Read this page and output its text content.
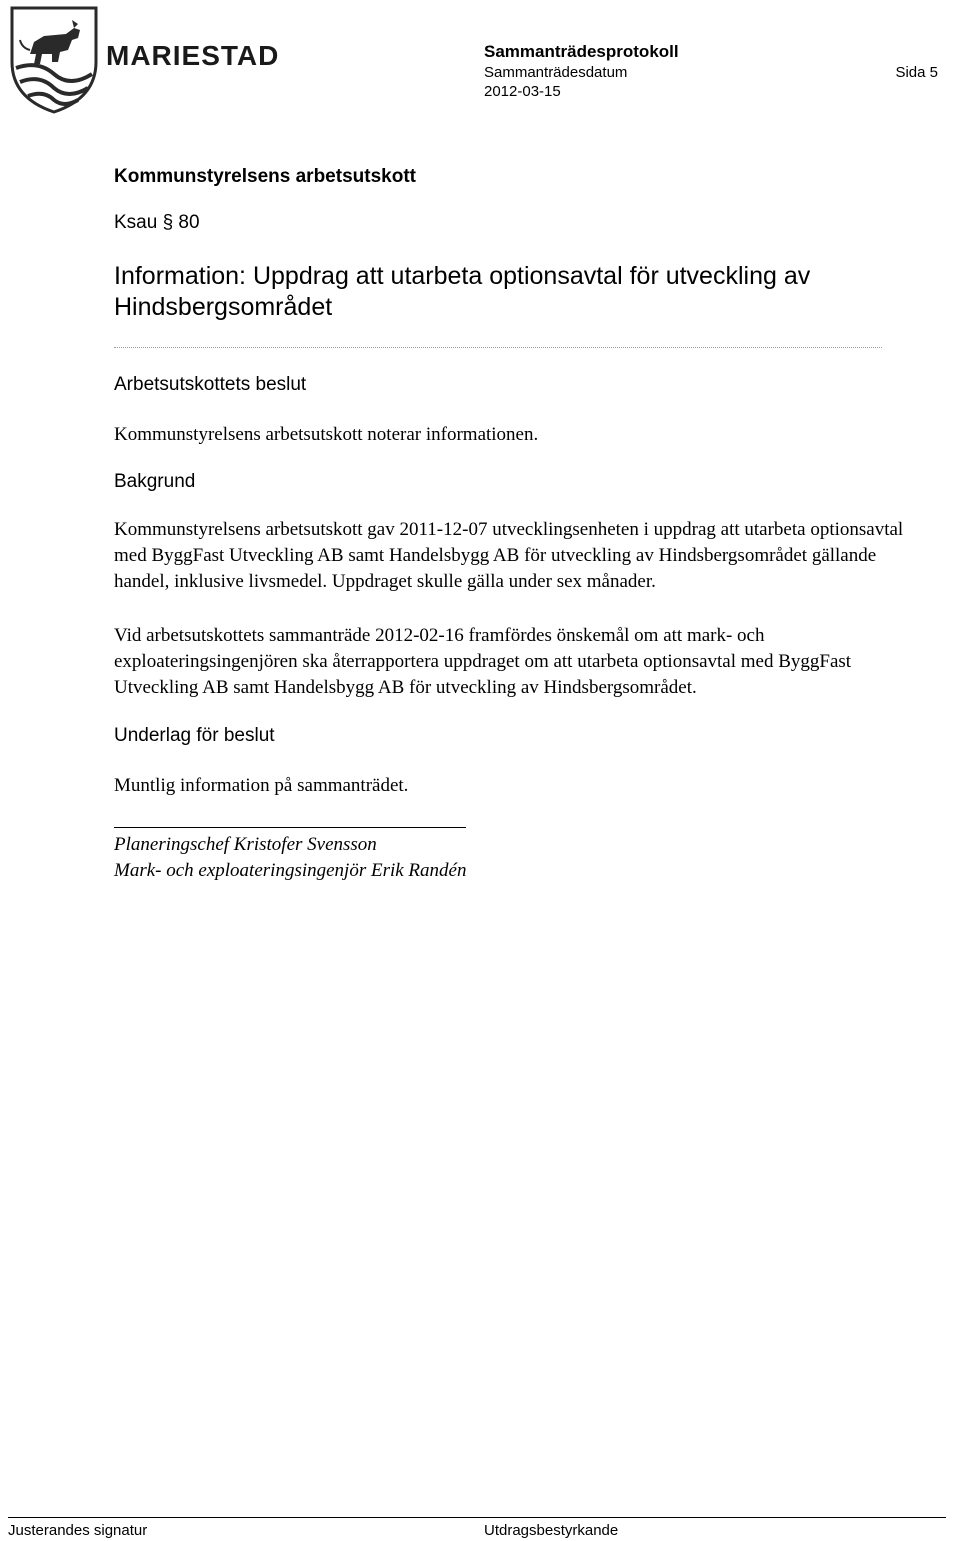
MARIESTAD	Sammanträdesprotokoll
Sammanträdesdatum
2012-03-15
Sida 5
Kommunstyrelsens arbetsutskott
Ksau § 80
Information: Uppdrag att utarbeta optionsavtal för utveckling av Hindsbergsområdet
Arbetsutskottets beslut
Kommunstyrelsens arbetsutskott noterar informationen.
Bakgrund
Kommunstyrelsens arbetsutskott gav 2011-12-07 utvecklingsenheten i uppdrag att utarbeta optionsavtal med ByggFast Utveckling AB samt Handelsbygg AB för utveckling av Hindsbergsområdet gällande handel, inklusive livsmedel. Uppdraget skulle gälla under sex månader.
Vid arbetsutskottets sammanträde 2012-02-16 framfördes önskemål om att mark- och exploateringsingenjören ska återrapportera uppdraget om att utarbeta optionsavtal med ByggFast Utveckling AB samt Handelsbygg AB för utveckling av Hindsbergsområdet.
Underlag för beslut
Muntlig information på sammanträdet.
Planeringschef Kristofer Svensson
Mark- och exploateringsingenjör Erik Randén
Justerandes signatur	Utdragsbestyrkande
